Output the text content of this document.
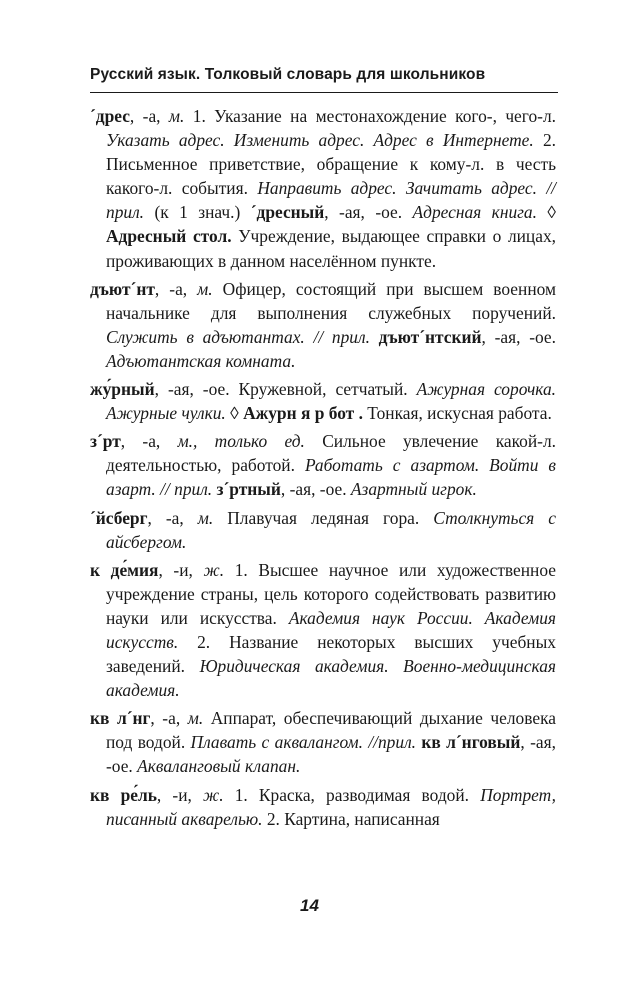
Русский язык. Толковый словарь для школьников

´дрес, -а, м. 1. Указание на местонахождение кого-, чего-л. Указать адрес. Изменить адрес. Адрес в Интернете. 2. Письменное приветствие, обращение к кому-л. в честь какого-л. события. Направить адрес. Зачитать адрес. // прил. (к 1 знач.) ´дресный, -ая, -ое. Адресная книга. ◊ Адресный стол. Учреждение, выдающее справки о лицах, проживающих в данном населённом пункте.

дъют´нт, -а, м. Офицер, состоящий при высшем военном начальнике для выполнения служебных поручений. Служить в адъютантах. // прил. дъют´нтский, -ая, -ое. Адъютантская комната.

жу́рный, -ая, -ое. Кружевной, сетчатый. Ажурная сорочка. Ажурные чулки. ◊ Ажурн я р бот . Тонкая, искусная работа.

з´рт, -а, м., только ед. Сильное увлечение какой-л. деятельностью, работой. Работать с азартом. Войти в азарт. // прил. з´ртный, -ая, -ое. Азартный игрок.

´йсберг, -а, м. Плавучая ледяная гора. Столкнуться с айсбергом.

к де́мия, -и, ж. 1. Высшее научное или художественное учреждение страны, цель которого содействовать развитию науки или искусства. Академия наук России. Академия искусств. 2. Название некоторых высших учебных заведений. Юридическая академия. Военно-медицинская академия.

кв л´нг, -а, м. Аппарат, обеспечивающий дыхание человека под водой. Плавать с аквалангом. //прил. кв л´нговый, -ая, -ое. Акваланговый клапан.

кв ре́ль, -и, ж. 1. Краска, разводимая водой. Портрет, писанный акварелью. 2. Картина, написанная

14
